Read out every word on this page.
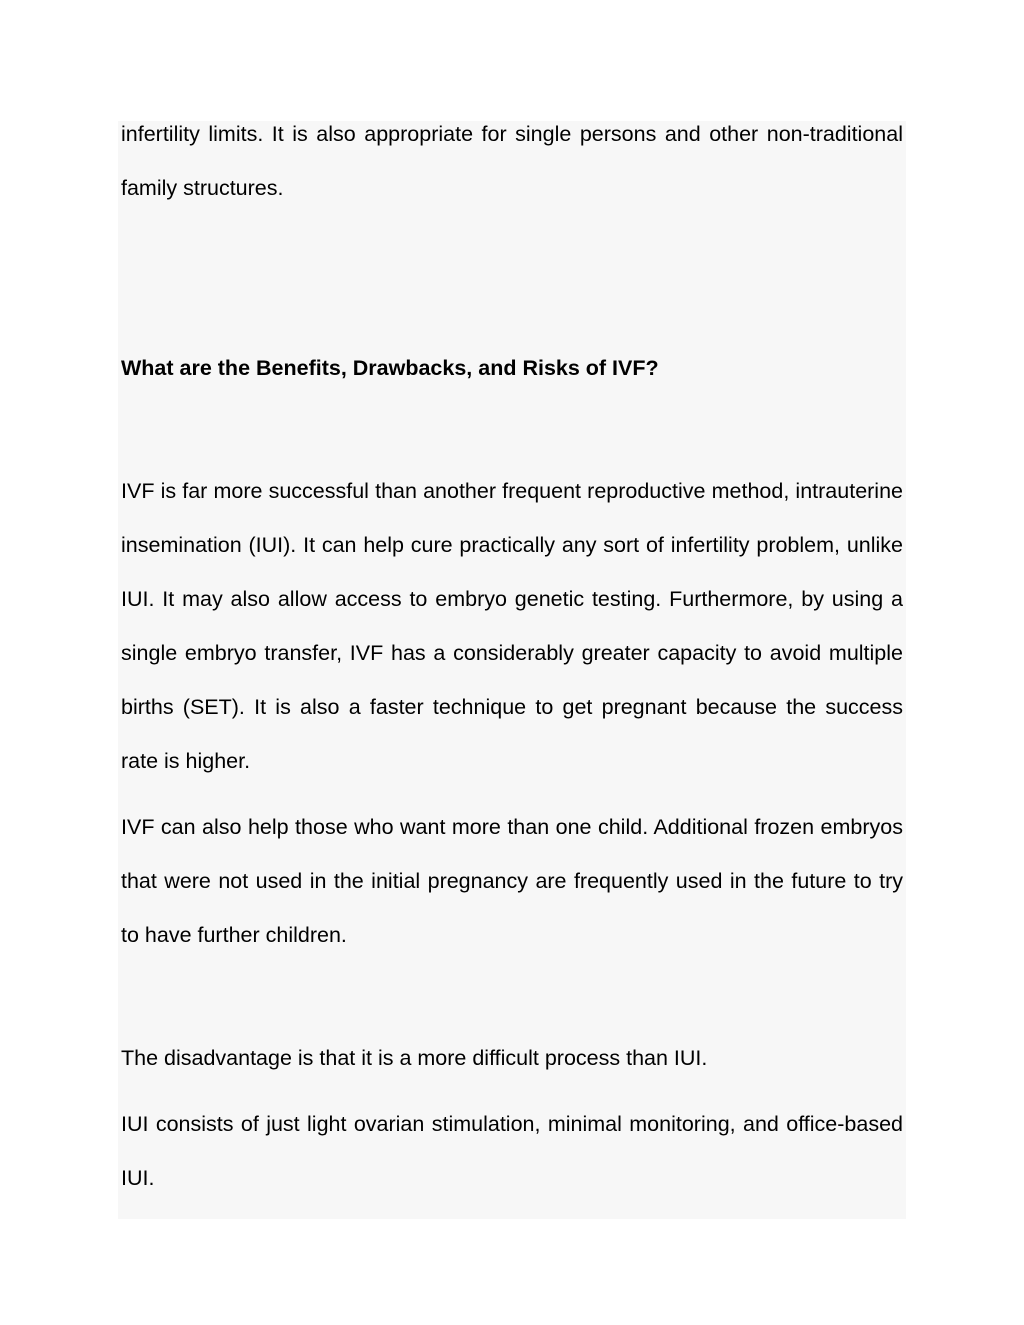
infertility limits. It is also appropriate for single persons and other non-traditional family structures.

What are the Benefits, Drawbacks, and Risks of IVF?

IVF is far more successful than another frequent reproductive method, intrauterine insemination (IUI). It can help cure practically any sort of infertility problem, unlike IUI. It may also allow access to embryo genetic testing. Furthermore, by using a single embryo transfer, IVF has a considerably greater capacity to avoid multiple births (SET). It is also a faster technique to get pregnant because the success rate is higher.

IVF can also help those who want more than one child. Additional frozen embryos that were not used in the initial pregnancy are frequently used in the future to try to have further children.

The disadvantage is that it is a more difficult process than IUI.

IUI consists of just light ovarian stimulation, minimal monitoring, and office-based IUI.
